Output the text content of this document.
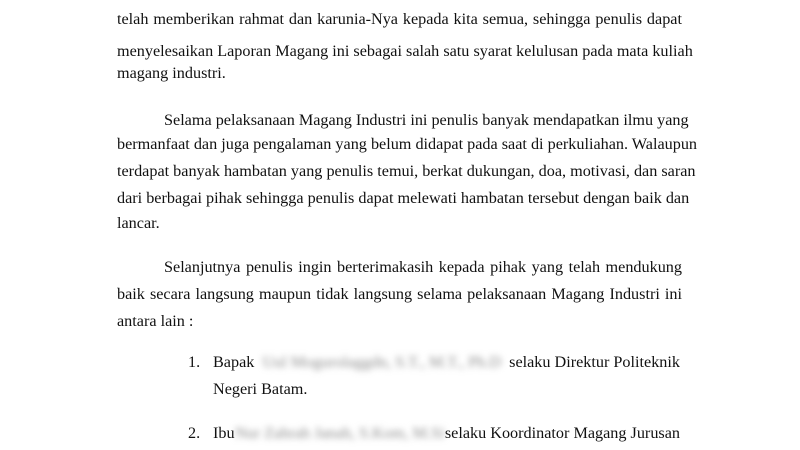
telah memberikan rahmat dan karunia-Nya kepada kita semua, sehingga penulis dapat
menyelesaikan Laporan Magang ini sebagai salah satu syarat kelulusan pada mata kuliah
magang industri.
Selama pelaksanaan Magang Industri ini penulis banyak mendapatkan ilmu yang
bermanfaat dan juga pengalaman yang belum didapat pada saat di perkuliahan. Walaupun
terdapat banyak hambatan yang penulis temui, berkat dukungan, doa, motivasi, dan saran
dari berbagai pihak sehingga penulis dapat melewati hambatan tersebut dengan baik dan
lancar.
Selanjutnya penulis ingin berterimakasih kepada pihak yang telah mendukung
baik secara langsung maupun tidak langsung selama pelaksanaan Magang Industri ini
antara lain :
1. Bapak Uul Mogurolaggdn, S.T., M.T., Ph.D selaku Direktur Politeknik
Negeri Batam.
2. Ibu Nur Zahrah Janah, S.Kom, M.Si selaku Koordinator Magang Jurusan
